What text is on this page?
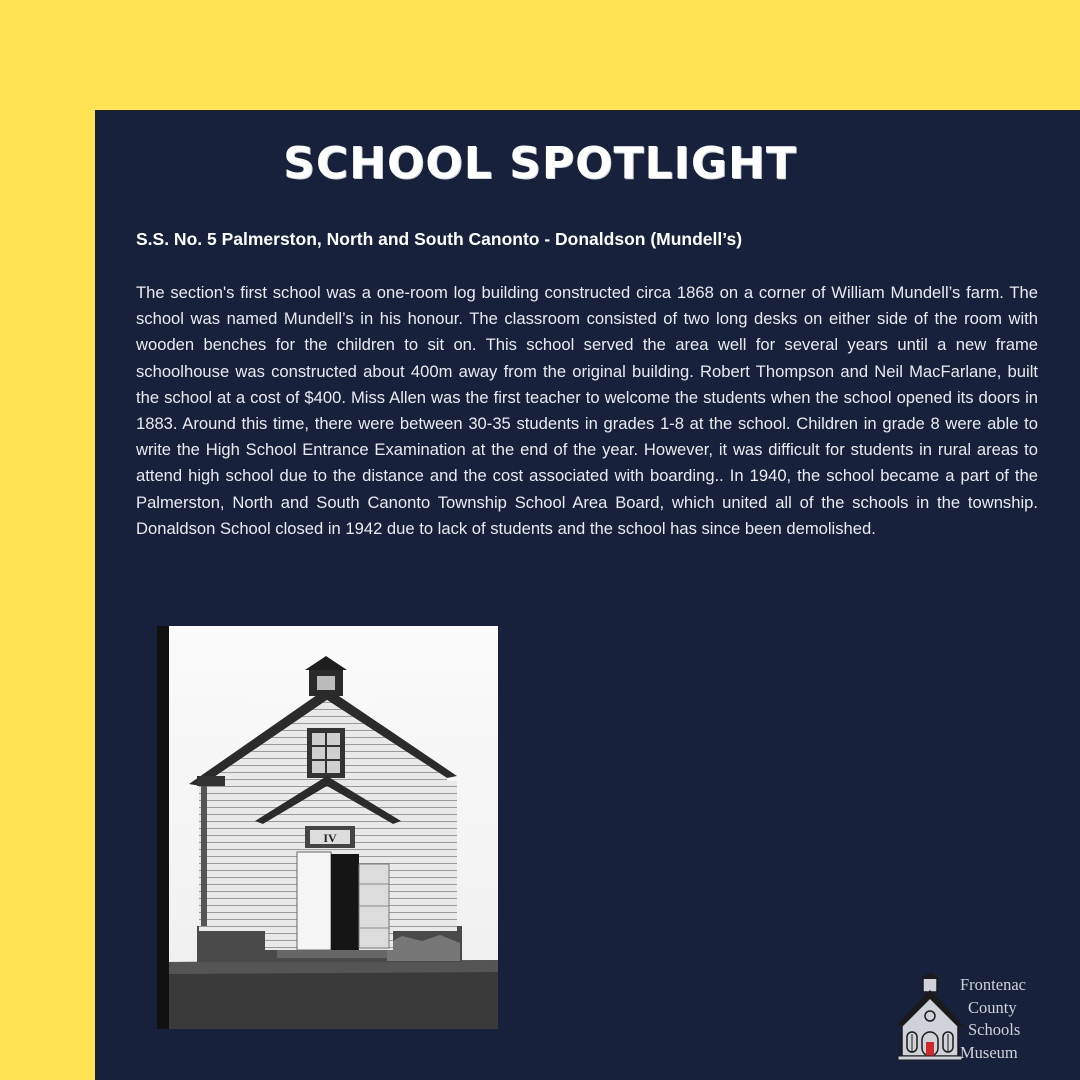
SCHOOL SPOTLIGHT
S.S. No. 5 Palmerston, North and South Canonto - Donaldson (Mundell’s)

The section's first school was a one-room log building constructed circa 1868 on a corner of William Mundell’s farm. The school was named Mundell’s in his honour. The classroom consisted of two long desks on either side of the room with wooden benches for the children to sit on. This school served the area well for several years until a new frame schoolhouse was constructed about 400m away from the original building. Robert Thompson and Neil MacFarlane, built the school at a cost of $400. Miss Allen was the first teacher to welcome the students when the school opened its doors in 1883. Around this time, there were between 30-35 students in grades 1-8 at the school. Children in grade 8 were able to write the High School Entrance Examination at the end of the year. However, it was difficult for students in rural areas to attend high school due to the distance and the cost associated with boarding.. In 1940, the school became a part of the Palmerston, North and South Canonto Township School Area Board, which united all of the schools in the township. Donaldson School closed in 1942 due to lack of students and the school has since been demolished.

IV
Frontenac
County
Schools
Museum
